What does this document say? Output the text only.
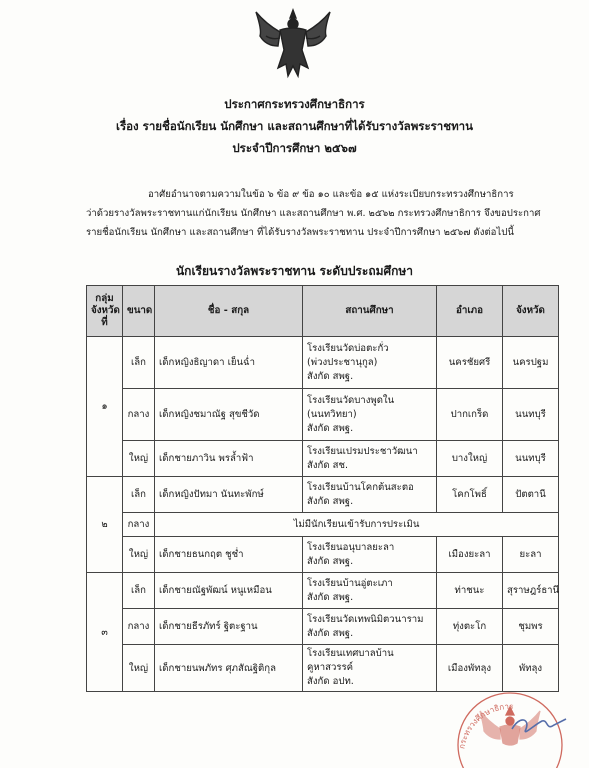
ประกาศกระทรวงศึกษาธิการ
เรื่อง รายชื่อนักเรียน นักศึกษา และสถานศึกษาที่ได้รับรางวัลพระราชทาน
ประจำปีการศึกษา ๒๕๖๗
อาศัยอำนาจตามความในข้อ ๖ ข้อ ๙ ข้อ ๑๐ และข้อ ๑๕ แห่งระเบียบกระทรวงศึกษาธิการ
ว่าด้วยรางวัลพระราชทานแก่นักเรียน นักศึกษา และสถานศึกษา พ.ศ. ๒๕๖๒ กระทรวงศึกษาธิการ จึงขอประกาศ
รายชื่อนักเรียน นักศึกษา และสถานศึกษา ที่ได้รับรางวัลพระราชทาน ประจำปีการศึกษา ๒๕๖๗ ดังต่อไปนี้
นักเรียนรางวัลพระราชทาน ระดับประถมศึกษา
กลุ่ม
จังหวัด
ที่	ขนาด	ชื่อ - สกุล	สถานศึกษา	อำเภอ	จังหวัด
๑	เล็ก	เด็กหญิงธิญาดา เย็นฉ่ำ	โรงเรียนวัดบ่อตะกั่ว
(พ่วงประชานุกูล)
สังกัด สพฐ.	นครชัยศรี	นครปฐม
	กลาง	เด็กหญิงชมาณัฐ สุขชีวัด	โรงเรียนวัดบางพูดใน
(นนทวิทยา)
สังกัด สพฐ.	ปากเกร็ด	นนทบุรี
	ใหญ่	เด็กชายภาวิน พรล้ำฟ้า	โรงเรียนเปรมประชาวัฒนา
สังกัด สช.	บางใหญ่	นนทบุรี
๒	เล็ก	เด็กหญิงปัทมา นันทะพักษ์	โรงเรียนบ้านโคกต้นสะตอ
สังกัด สพฐ.	โคกโพธิ์	ปัตตานี
	กลาง	ไม่มีนักเรียนเข้ารับการประเมิน			
	ใหญ่	เด็กชายธนกฤต ชูช่ำ	โรงเรียนอนุบาลยะลา
สังกัด สพฐ.	เมืองยะลา	ยะลา
๓	เล็ก	เด็กชายณัฐพัฒน์ หนูเหมือน	โรงเรียนบ้านอู่ตะเภา
สังกัด สพฐ.	ท่าชนะ	สุราษฎร์ธานี
	กลาง	เด็กชายธีรภัทร์ ฐิตะฐาน	โรงเรียนวัดเทพนิมิตวนาราม
สังกัด สพฐ.	ทุ่งตะโก	ชุมพร
	ใหญ่	เด็กชายนพภัทร ศุภสัณฐิติกุล	โรงเรียนเทศบาลบ้านคูหาสวรรค์
สังกัด อปท.	เมืองพัทลุง	พัทลุง
กระทรวงศึกษาธิการ
